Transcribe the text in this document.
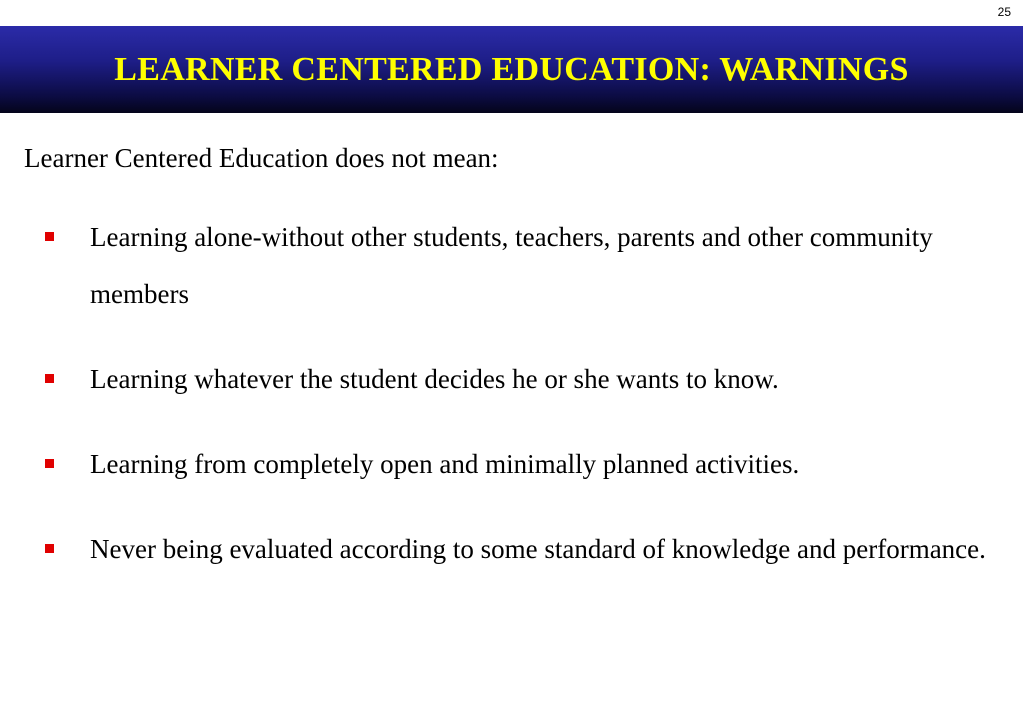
25
LEARNER CENTERED EDUCATION: WARNINGS
Learner Centered Education does not mean:
Learning alone-without other students, teachers, parents and other community members
Learning whatever the student decides he or she wants to know.
Learning from completely open and minimally planned activities.
Never being evaluated according to some standard of knowledge and performance.
